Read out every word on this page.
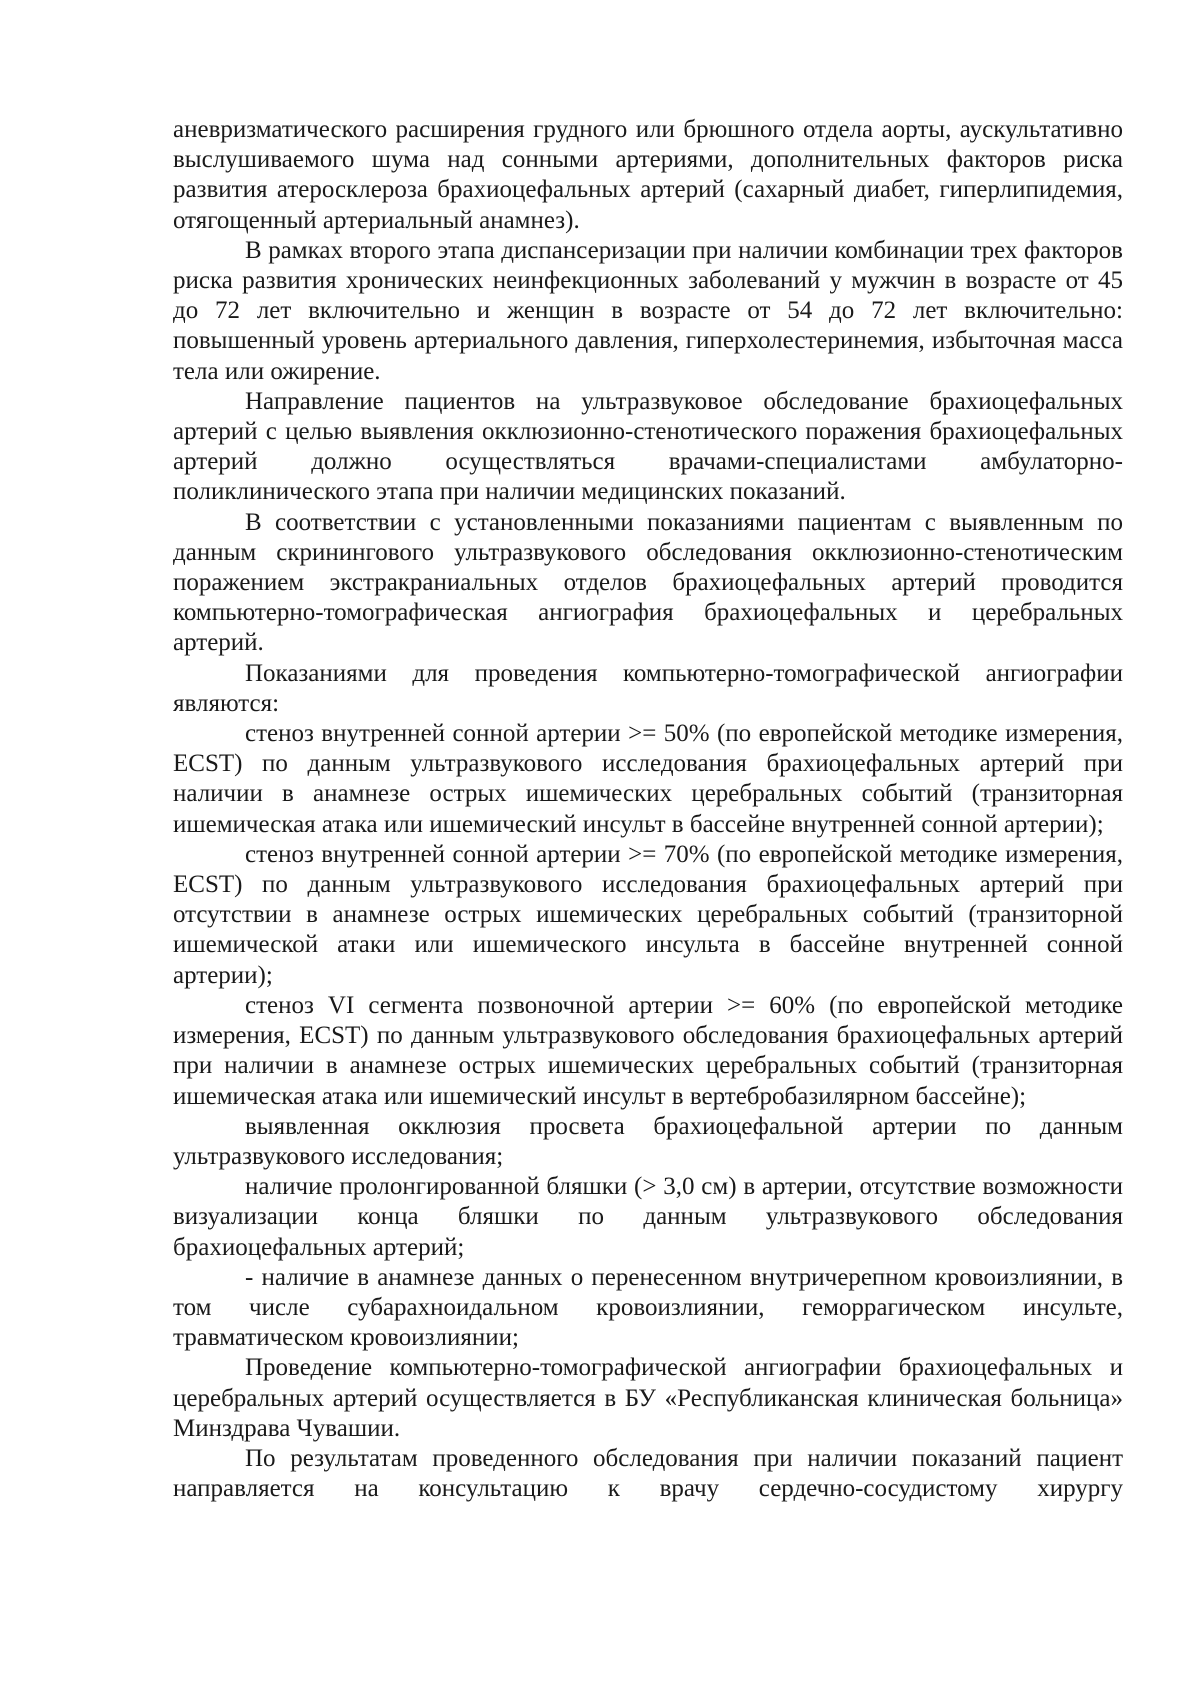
аневризматического расширения грудного или брюшного отдела аорты, аускультативно выслушиваемого шума над сонными артериями, дополнительных факторов риска развития атеросклероза брахиоцефальных артерий (сахарный диабет, гиперлипидемия, отягощенный артериальный анамнез).

В рамках второго этапа диспансеризации при наличии комбинации трех факторов риска развития хронических неинфекционных заболеваний у мужчин в возрасте от 45 до 72 лет включительно и женщин в возрасте от 54 до 72 лет включительно: повышенный уровень артериального давления, гиперхолестеринемия, избыточная масса тела или ожирение.

Направление пациентов на ультразвуковое обследование брахиоцефальных артерий с целью выявления окклюзионно-стенотического поражения брахиоцефальных артерий должно осуществляться врачами-специалистами амбулаторно-поликлинического этапа при наличии медицинских показаний.

В соответствии с установленными показаниями пациентам с выявленным по данным скринингового ультразвукового обследования окклюзионно-стенотическим поражением экстракраниальных отделов брахиоцефальных артерий проводится компьютерно-томографическая ангиография брахиоцефальных и церебральных артерий.

Показаниями для проведения компьютерно-томографической ангиографии являются:

стеноз внутренней сонной артерии >= 50% (по европейской методике измерения, ECST) по данным ультразвукового исследования брахиоцефальных артерий при наличии в анамнезе острых ишемических церебральных событий (транзиторная ишемическая атака или ишемический инсульт в бассейне внутренней сонной артерии);

стеноз внутренней сонной артерии >= 70% (по европейской методике измерения, ECST) по данным ультразвукового исследования брахиоцефальных артерий при отсутствии в анамнезе острых ишемических церебральных событий (транзиторной ишемической атаки или ишемического инсульта в бассейне внутренней сонной артерии);

стеноз VI сегмента позвоночной артерии >= 60% (по европейской методике измерения, ECST) по данным ультразвукового обследования брахиоцефальных артерий при наличии в анамнезе острых ишемических церебральных событий (транзиторная ишемическая атака или ишемический инсульт в вертебробазилярном бассейне);

выявленная окклюзия просвета брахиоцефальной артерии по данным ультразвукового исследования;

наличие пролонгированной бляшки (> 3,0 см) в артерии, отсутствие возможности визуализации конца бляшки по данным ультразвукового обследования брахиоцефальных артерий;

- наличие в анамнезе данных о перенесенном внутричерепном кровоизлиянии, в том числе субарахноидальном кровоизлиянии, геморрагическом инсульте, травматическом кровоизлиянии;

Проведение компьютерно-томографической ангиографии брахиоцефальных и церебральных артерий осуществляется в БУ «Республиканская клиническая больница» Минздрава Чувашии.

По результатам проведенного обследования при наличии показаний пациент направляется на консультацию к врачу сердечно-сосудистому хирургу
